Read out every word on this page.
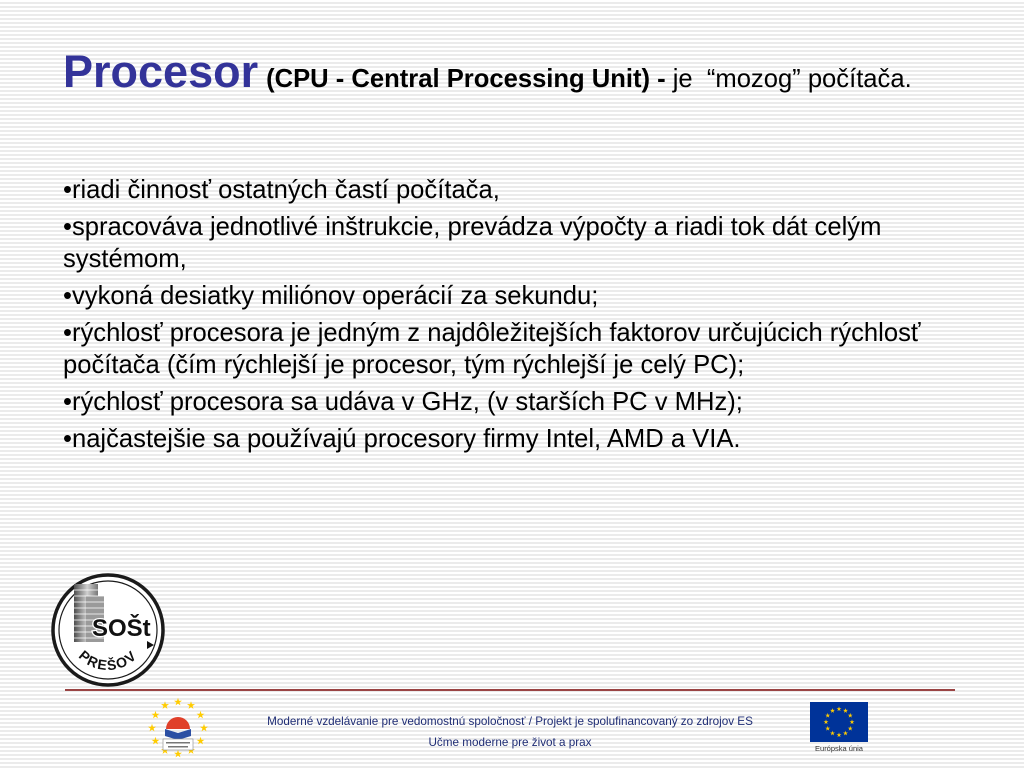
Procesor (CPU - Central Processing Unit) - je  “mozog” počítača.

•riadi činnosť ostatných častí počítača,

•spracováva jednotlivé inštrukcie, prevádza výpočty a riadi tok dát celým systémom,

•vykoná desiatky miliónov operácií za sekundu;

•rýchlosť procesora je jedným z najdôležitejších faktorov určujúcich rýchlosť počítača (čím rýchlejší je procesor, tým rýchlejší je celý PC);

•rýchlosť procesora sa udáva v GHz, (v starších PC v MHz);

•najčastejšie sa používajú procesory firmy Intel, AMD a VIA.

SOŠt
PREŠOV
Moderné vzdelávanie pre vedomostnú spoločnosť / Projekt je spolufinancovaný zo zdrojov ES
Učme moderne pre život a prax	Európska únia
